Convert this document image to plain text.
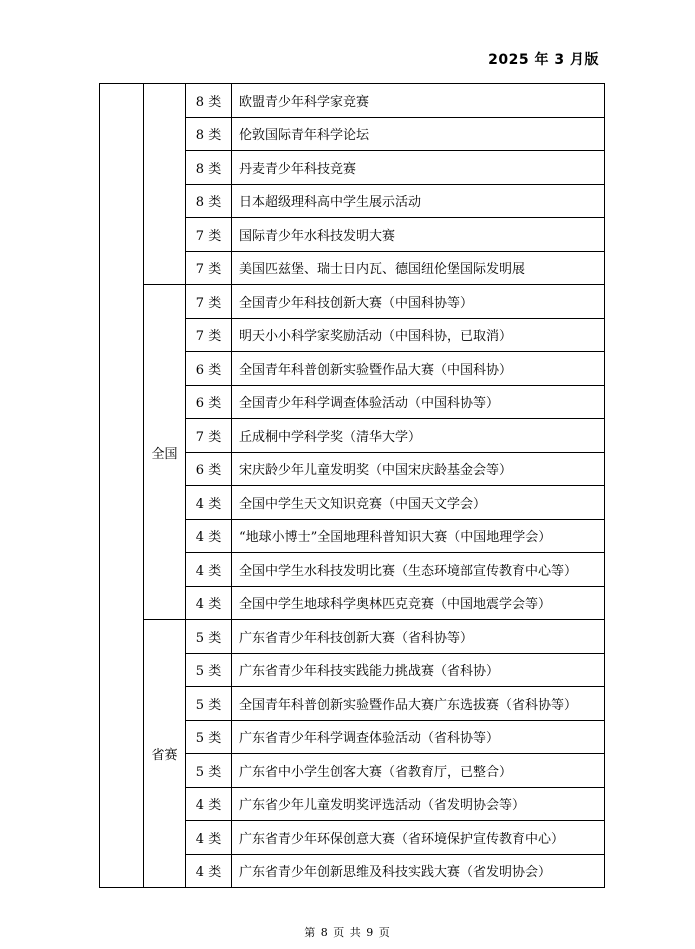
2025 年 3 月版
		8 类	欧盟青少年科学家竞赛
		8 类	伦敦国际青年科学论坛
		8 类	丹麦青少年科技竞赛
		8 类	日本超级理科高中学生展示活动
		7 类	国际青少年水科技发明大赛
		7 类	美国匹兹堡、瑞士日内瓦、德国纽伦堡国际发明展
	全国	7 类	全国青少年科技创新大赛（中国科协等）
		7 类	明天小小科学家奖励活动（中国科协，已取消）
		6 类	全国青年科普创新实验暨作品大赛（中国科协）
		6 类	全国青少年科学调查体验活动（中国科协等）
		7 类	丘成桐中学科学奖（清华大学）
		6 类	宋庆龄少年儿童发明奖（中国宋庆龄基金会等）
		4 类	全国中学生天文知识竞赛（中国天文学会）
		4 类	“地球小博士”全国地理科普知识大赛（中国地理学会）
		4 类	全国中学生水科技发明比赛（生态环境部宣传教育中心等）
		4 类	全国中学生地球科学奥林匹克竞赛（中国地震学会等）
	省赛	5 类	广东省青少年科技创新大赛（省科协等）
		5 类	广东省青少年科技实践能力挑战赛（省科协）
		5 类	全国青年科普创新实验暨作品大赛广东选拔赛（省科协等）
		5 类	广东省青少年科学调查体验活动（省科协等）
		5 类	广东省中小学生创客大赛（省教育厅，已整合）
		4 类	广东省少年儿童发明奖评选活动（省发明协会等）
		4 类	广东省青少年环保创意大赛（省环境保护宣传教育中心）
		4 类	广东省青少年创新思维及科技实践大赛（省发明协会）
第 8 页 共 9 页
